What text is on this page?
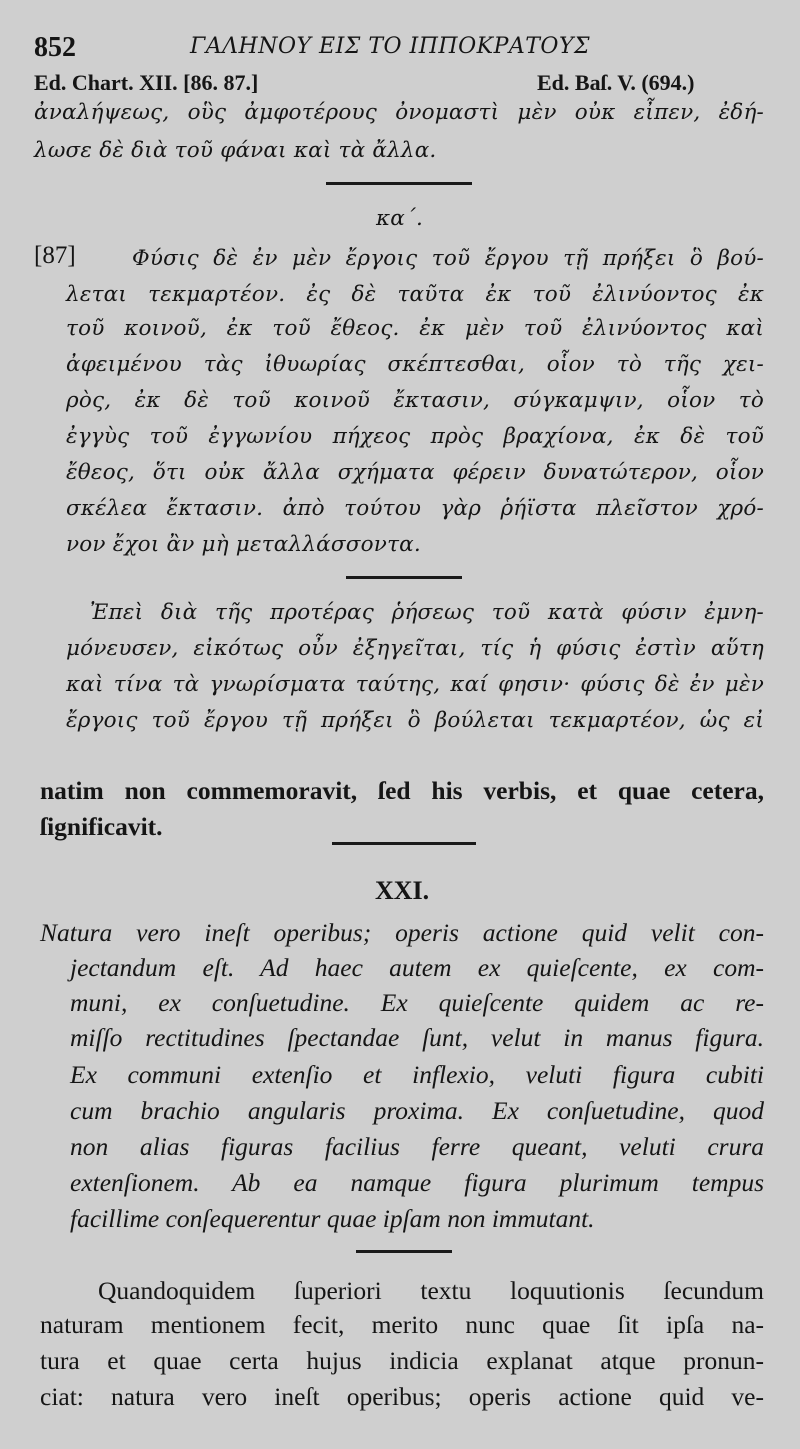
852	ΓΑΛΗΝΟΥ ΕΙΣ ΤΟ ΙΠΠΟΚΡΑΤΟΥΣ
Ed. Chart. XII. [86. 87.]	Ed. Baſ. V. (694.)
ἀναλήψεως, οὓς ἀμφοτέρους ὀνομαστὶ μὲν οὐκ εἶπεν, ἐδή-
λωσε δὲ διὰ τοῦ φάναι καὶ τὰ ἄλλα.
κα΄.
[87]	Φύσις δὲ ἐν μὲν ἔργοις τοῦ ἔργου τῇ πρήξει ὃ βού-
λεται τεκμαρτέον. ἐς δὲ ταῦτα ἐκ τοῦ ἐλινύοντος ἐκ
τοῦ κοινοῦ, ἐκ τοῦ ἔθεος. ἐκ μὲν τοῦ ἐλινύοντος καὶ
ἀφειμένου τὰς ἰθυωρίας σκέπτεσθαι, οἷον τὸ τῆς χει-
ρὸς, ἐκ δὲ τοῦ κοινοῦ ἔκτασιν, σύγκαμψιν, οἷον τὸ
ἐγγὺς τοῦ ἐγγωνίου πήχεος πρὸς βραχίονα, ἐκ δὲ τοῦ
ἔθεος, ὅτι οὐκ ἄλλα σχήματα φέρειν δυνατώτερον, οἷον
σκέλεα ἔκτασιν. ἀπὸ τούτου γὰρ ῥήϊστα πλεῖστον χρό-
νον ἔχοι ἂν μὴ μεταλλάσσοντα.
Ἐπεὶ διὰ τῆς προτέρας ῥήσεως τοῦ κατὰ φύσιν ἐμνη-
μόνευσεν, εἰκότως οὖν ἐξηγεῖται, τίς ἡ φύσις ἐστὶν αὕτη
καὶ τίνα τὰ γνωρίσματα ταύτης, καί φησιν· φύσις δὲ ἐν μὲν
ἔργοις τοῦ ἔργου τῇ πρήξει ὃ βούλεται τεκμαρτέον, ὡς εἰ
natim non commemoravit, ſed his verbis, et quae cetera,
ſignificavit.
XXI.
Natura vero ineſt operibus; operis actione quid velit con-
jectandum eſt. Ad haec autem ex quieſcente, ex com-
muni, ex conſuetudine. Ex quieſcente quidem ac re-
miſſo rectitudines ſpectandae ſunt, velut in manus figura.
Ex communi extenſio et inflexio, veluti figura cubiti
cum brachio angularis proxima. Ex conſuetudine, quod
non alias figuras facilius ferre queant, veluti crura
extenſionem. Ab ea namque figura plurimum tempus
facillime conſequerentur quae ipſam non immutant.
Quandoquidem ſuperiori textu loquutionis ſecundum
naturam mentionem fecit, merito nunc quae ſit ipſa na-
tura et quae certa hujus indicia explanat atque pronun-
ciat: natura vero ineſt operibus; operis actione quid ve-
